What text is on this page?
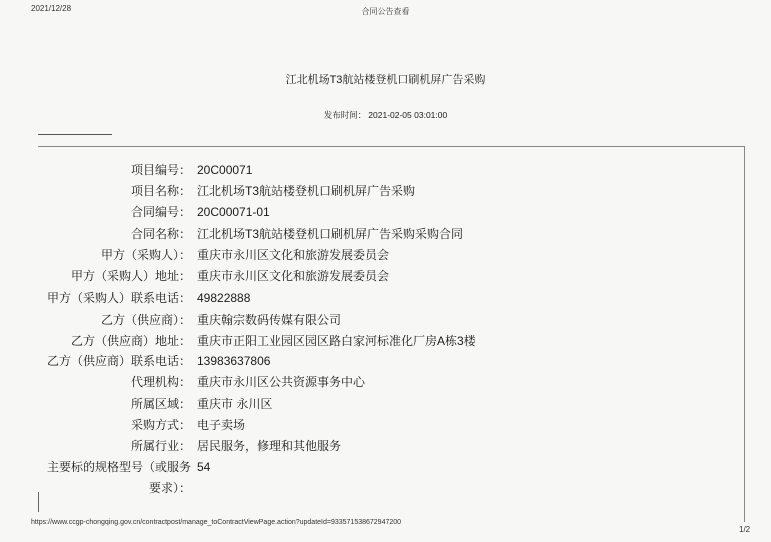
2021/12/28	合同公告查看
江北机场T3航站楼登机口刷机屏广告采购
发布时间： 2021-02-05 03:01:00
项目编号： 20C00071
项目名称： 江北机场T3航站楼登机口刷机屏广告采购
合同编号： 20C00071-01
合同名称： 江北机场T3航站楼登机口刷机屏广告采购采购合同
甲方（采购人）： 重庆市永川区文化和旅游发展委员会
甲方（采购人）地址： 重庆市永川区文化和旅游发展委员会
甲方（采购人）联系电话： 49822888
乙方（供应商）： 重庆翰宗数码传媒有限公司
乙方（供应商）地址： 重庆市正阳工业园区园区路白家河标准化厂房A栋3楼
乙方（供应商）联系电话： 13983637806
代理机构： 重庆市永川区公共资源事务中心
所属区域： 重庆市 永川区
采购方式： 电子卖场
所属行业： 居民服务，修理和其他服务
主要标的规格型号（或服务 54
要求）：
https://www.ccgp-chongqing.gov.cn/contractpost/manage_toContractViewPage.action?updateId=933571538672947200
1/2
